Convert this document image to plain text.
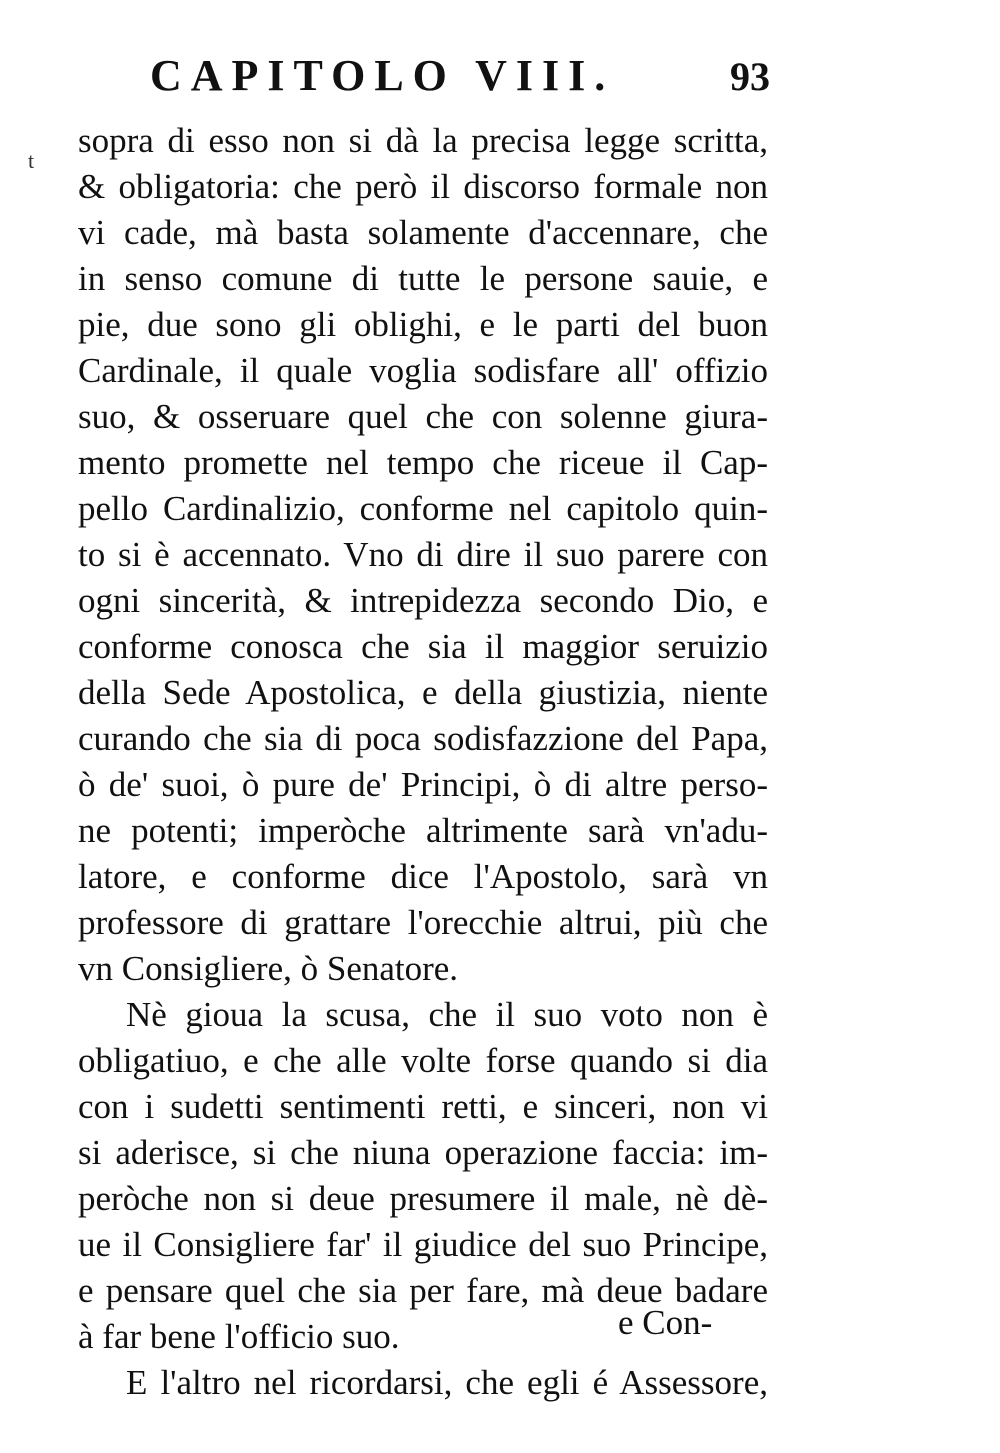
CAPITOLO VIII.	93
t
sopra di esso non si dà la precisa legge scritta,
& obligatoria: che però il discorso formale non
vi cade, mà basta solamente d'accennare, che
in senso comune di tutte le persone sauie, e
pie, due sono gli oblighi, e le parti del buon
Cardinale, il quale voglia sodisfare all' offizio
suo, & osseruare quel che con solenne giura-
mento promette nel tempo che riceue il Cap-
pello Cardinalizio, conforme nel capitolo quin-
to si è accennato. Vno di dire il suo parere con
ogni sincerità, & intrepidezza secondo Dio, e
conforme conosca che sia il maggior seruizio
della Sede Apostolica, e della giustizia, niente
curando che sia di poca sodisfazzione del Papa,
ò de' suoi, ò pure de' Principi, ò di altre perso-
ne potenti; imperòche altrimente sarà vn'adu-
latore, e conforme dice l'Apostolo, sarà vn
professore di grattare l'orecchie altrui, più che
vn Consigliere, ò Senatore.
Nè gioua la scusa, che il suo voto non è
obligatiuo, e che alle volte forse quando si dia
con i sudetti sentimenti retti, e sinceri, non vi
si aderisce, si che niuna operazione faccia: im-
peròche non si deue presumere il male, nè dè-
ue il Consigliere far' il giudice del suo Principe,
e pensare quel che sia per fare, mà deue badare
à far bene l'officio suo.
E l'altro nel ricordarsi, che egli é Assessore,
e Con-
